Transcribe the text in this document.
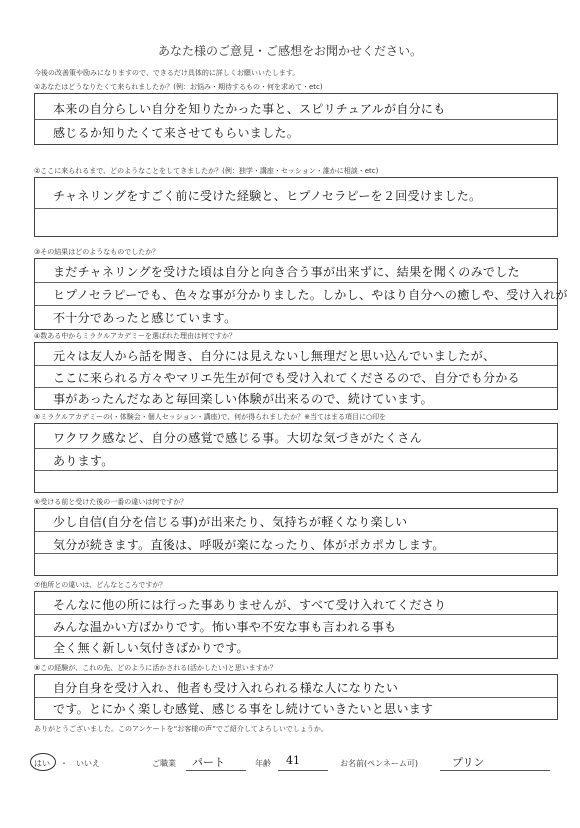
あなた様のご意見・ご感想をお聞かせください。
今後の改善策や励みになりますので、できるだけ具体的に詳しくお願いいたします。
①あなたはどうなりたくて来られましたか？(例：お悩み・期待するもの・何を求めて・etc)
本来の自分らしい自分を知りたかった事と、スピリチュアルが自分にも
感じるか知りたくて来させてもらいました。
②ここに来られるまで、どのようなことをしてきましたか？(例：独学・講座・セッション・誰かに相談・etc)
チャネリングをすごく前に受けた経験と、ヒプノセラピーを２回受けました。
③その結果はどのようなものでしたか？
まだチャネリングを受けた頃は自分と向き合う事が出来ずに、結果を聞くのみでした
ヒプノセラピーでも、色々な事が分かりました。しかし、やはり自分への癒しや、受け入れが
不十分であったと感じています。
④数ある中からミラクルアカデミーを選ばれた理由は何ですか？
元々は友人から話を聞き、自分には見えないし無理だと思い込んでいましたが、
ここに来られる方々やマリエ先生が何でも受け入れてくださるので、自分でも分かる
事があったんだなあと毎回楽しい体験が出来るので、続けています。
⑤ミラクルアカデミーの(・体験会・個人セッション・講座)で、何が得られましたか？※当てはまる項目に○印を
ワクワク感など、自分の感覚で感じる事。大切な気づきがたくさん
あります。
⑥受ける前と受けた後の一番の違いは何ですか？
少し自信(自分を信じる事)が出来たり、気持ちが軽くなり楽しい
気分が続きます。直後は、呼吸が楽になったり、体がポカポカします。
⑦他所との違いは、どんなところですか？
そんなに他の所には行った事ありませんが、すべて受け入れてくださり
みんな温かい方ばかりです。怖い事や不安な事も言われる事も
全く無く新しい気付きばかりです。
⑧この経験が、これの先、どのように活かされる(活かしたい)と思いますか？
自分自身を受け入れ、他者も受け入れられる様な人になりたい
です。とにかく楽しむ感覚、感じる事をし続けていきたいと思います
ありがとうございました。このアンケートを“お客様の声”でご紹介してよろしいでしょうか。
はい ・ いいえ	ご職業 パート	年齢 41	お名前(ペンネーム可)	プリン
